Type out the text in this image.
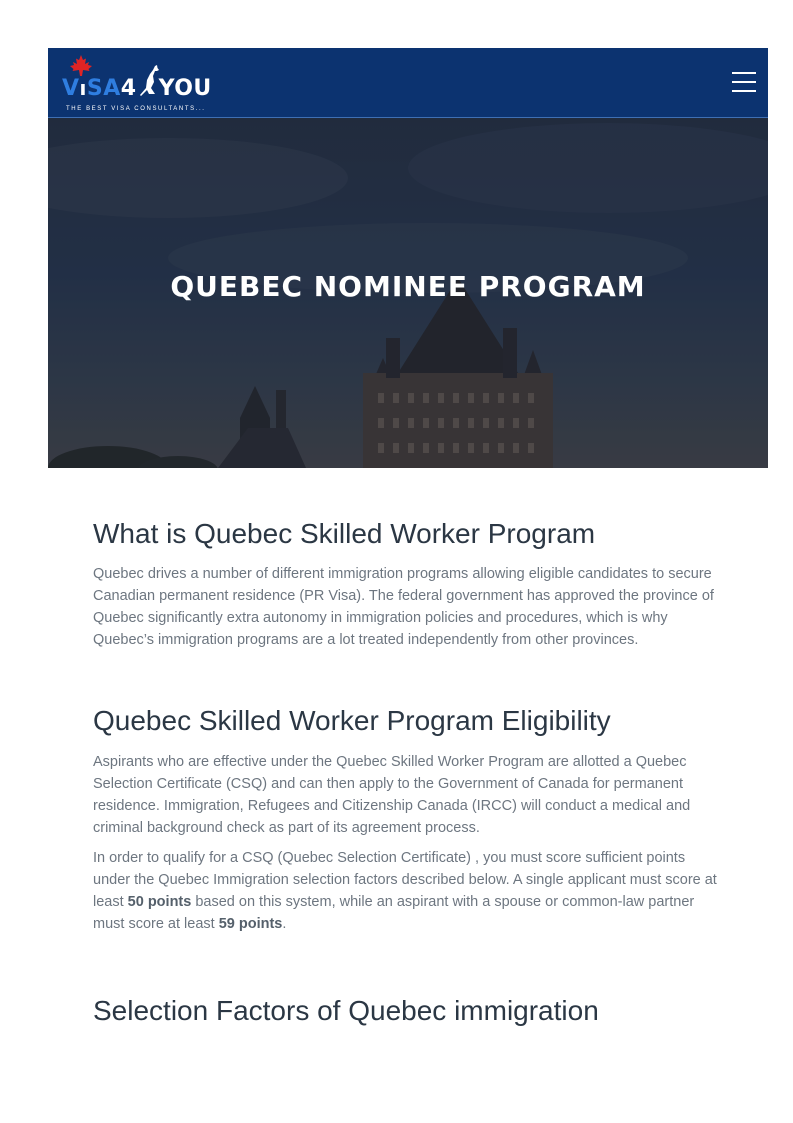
VıSA4 YOU
THE BEST VISA CONSULTANTS...
QUEBEC NOMINEE PROGRAM
What is Quebec Skilled Worker Program

Quebec drives a number of different immigration programs allowing eligible candidates to secure Canadian permanent residence (PR Visa). The federal government has approved the province of Quebec significantly extra autonomy in immigration policies and procedures, which is why Quebec’s immigration programs are a lot treated independently from other provinces.

Quebec Skilled Worker Program Eligibility

Aspirants who are effective under the Quebec Skilled Worker Program are allotted a Quebec Selection Certificate (CSQ) and can then apply to the Government of Canada for permanent residence. Immigration, Refugees and Citizenship Canada (IRCC) will conduct a medical and criminal background check as part of its agreement process.

In order to qualify for a CSQ (Quebec Selection Certificate) , you must score sufficient points under the Quebec Immigration selection factors described below. A single applicant must score at least 50 points based on this system, while an aspirant with a spouse or common-law partner must score at least 59 points.

Selection Factors of Quebec immigration
